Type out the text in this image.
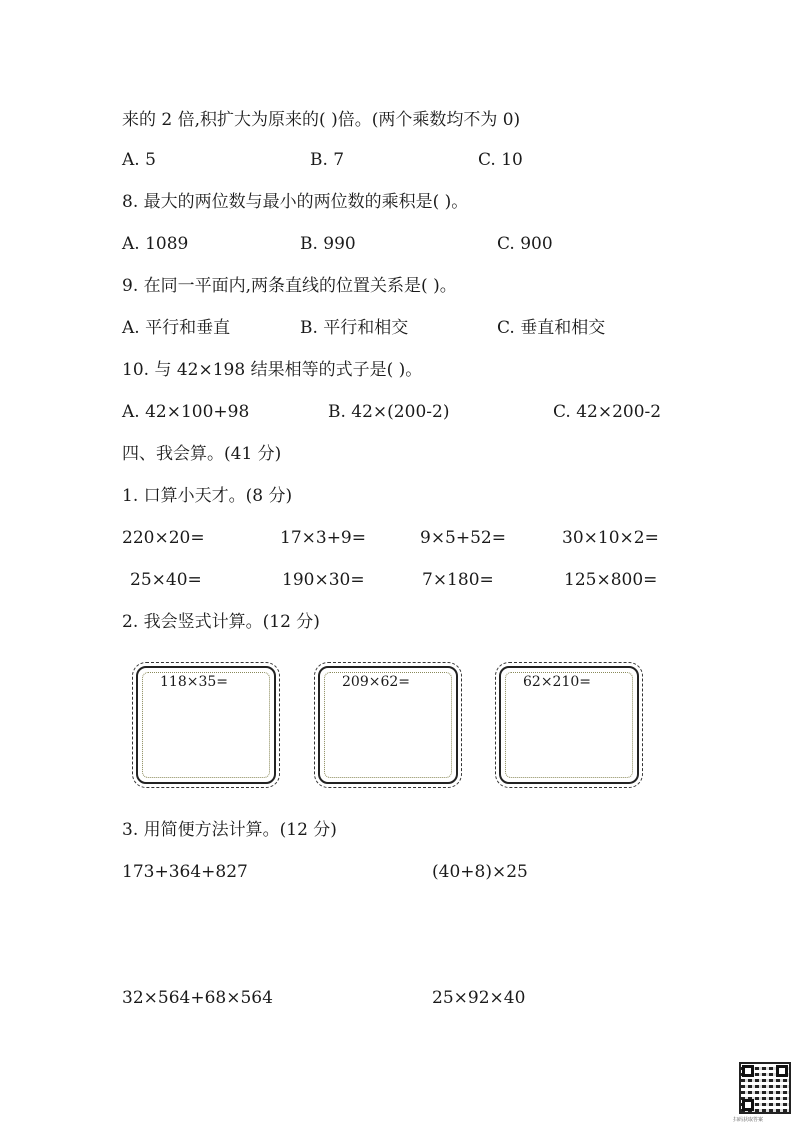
来的 2 倍,积扩大为原来的( )倍。(两个乘数均不为 0)
A. 5	B. 7	C. 10
8. 最大的两位数与最小的两位数的乘积是( )。
A. 1089	B. 990	C. 900
9. 在同一平面内,两条直线的位置关系是( )。
A. 平行和垂直	B. 平行和相交	C. 垂直和相交
10. 与 42×198 结果相等的式子是( )。
A. 42×100+98	B. 42×(200-2)	C. 42×200-2
四、我会算。(41 分)
1. 口算小天才。(8 分)
220×20=	17×3+9=	9×5+52=	30×10×2=
25×40=	190×30=	7×180=	125×800=
2. 我会竖式计算。(12 分)
118×35=	209×62=	62×210=
3. 用简便方法计算。(12 分)
173+364+827	(40+8)×25
32×564+68×564	25×92×40
扫码获取答案
